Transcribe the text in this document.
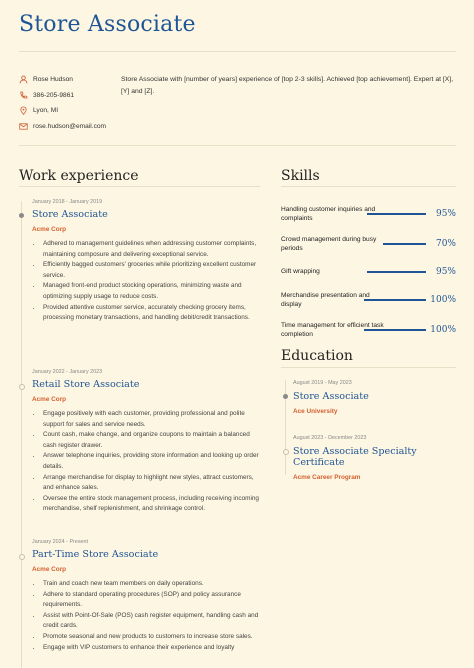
Store Associate
Rose Hudson
386-205-9861
Lyon, MI
rose.hudson@email.com
Store Associate with [number of years] experience of [top 2-3 skills]. Achieved [top achievement]. Expert at [X], [Y] and [Z].
Work experience
January 2018 - January 2019
Store Associate
Acme Corp
• Adhered to management guidelines when addressing customer complaints, maintaining composure and delivering exceptional service.
• Efficiently bagged customers' groceries while prioritizing excellent customer service.
• Managed front-end product stocking operations, minimizing waste and optimizing supply usage to reduce costs.
• Provided attentive customer service, accurately checking grocery items, processing monetary transactions, and handling debit/credit transactions.
January 2022 - January 2023
Retail Store Associate
Acme Corp
• Engage positively with each customer, providing professional and polite support for sales and service needs.
• Count cash, make change, and organize coupons to maintain a balanced cash register drawer.
• Answer telephone inquiries, providing store information and looking up order details.
• Arrange merchandise for display to highlight new styles, attract customers, and enhance sales.
• Oversee the entire stock management process, including receiving incoming merchandise, shelf replenishment, and shrinkage control.
January 2024 - Present
Part-Time Store Associate
Acme Corp
• Train and coach new team members on daily operations.
• Adhere to standard operating procedures (SOP) and policy assurance requirements.
• Assist with Point-Of-Sale (POS) cash register equipment, handling cash and credit cards.
• Promote seasonal and new products to customers to increase store sales.
• Engage with VIP customers to enhance their experience and loyalty
Skills
Handling customer inquiries and complaints	95%
Crowd management during busy periods	70%
Gift wrapping	95%
Merchandise presentation and display	100%
Time management for efficient task completion	100%
Education
August 2019 - May 2023
Store Associate
Ace University
August 2023 - December 2023
Store Associate Specialty Certificate
Acme Career Program
